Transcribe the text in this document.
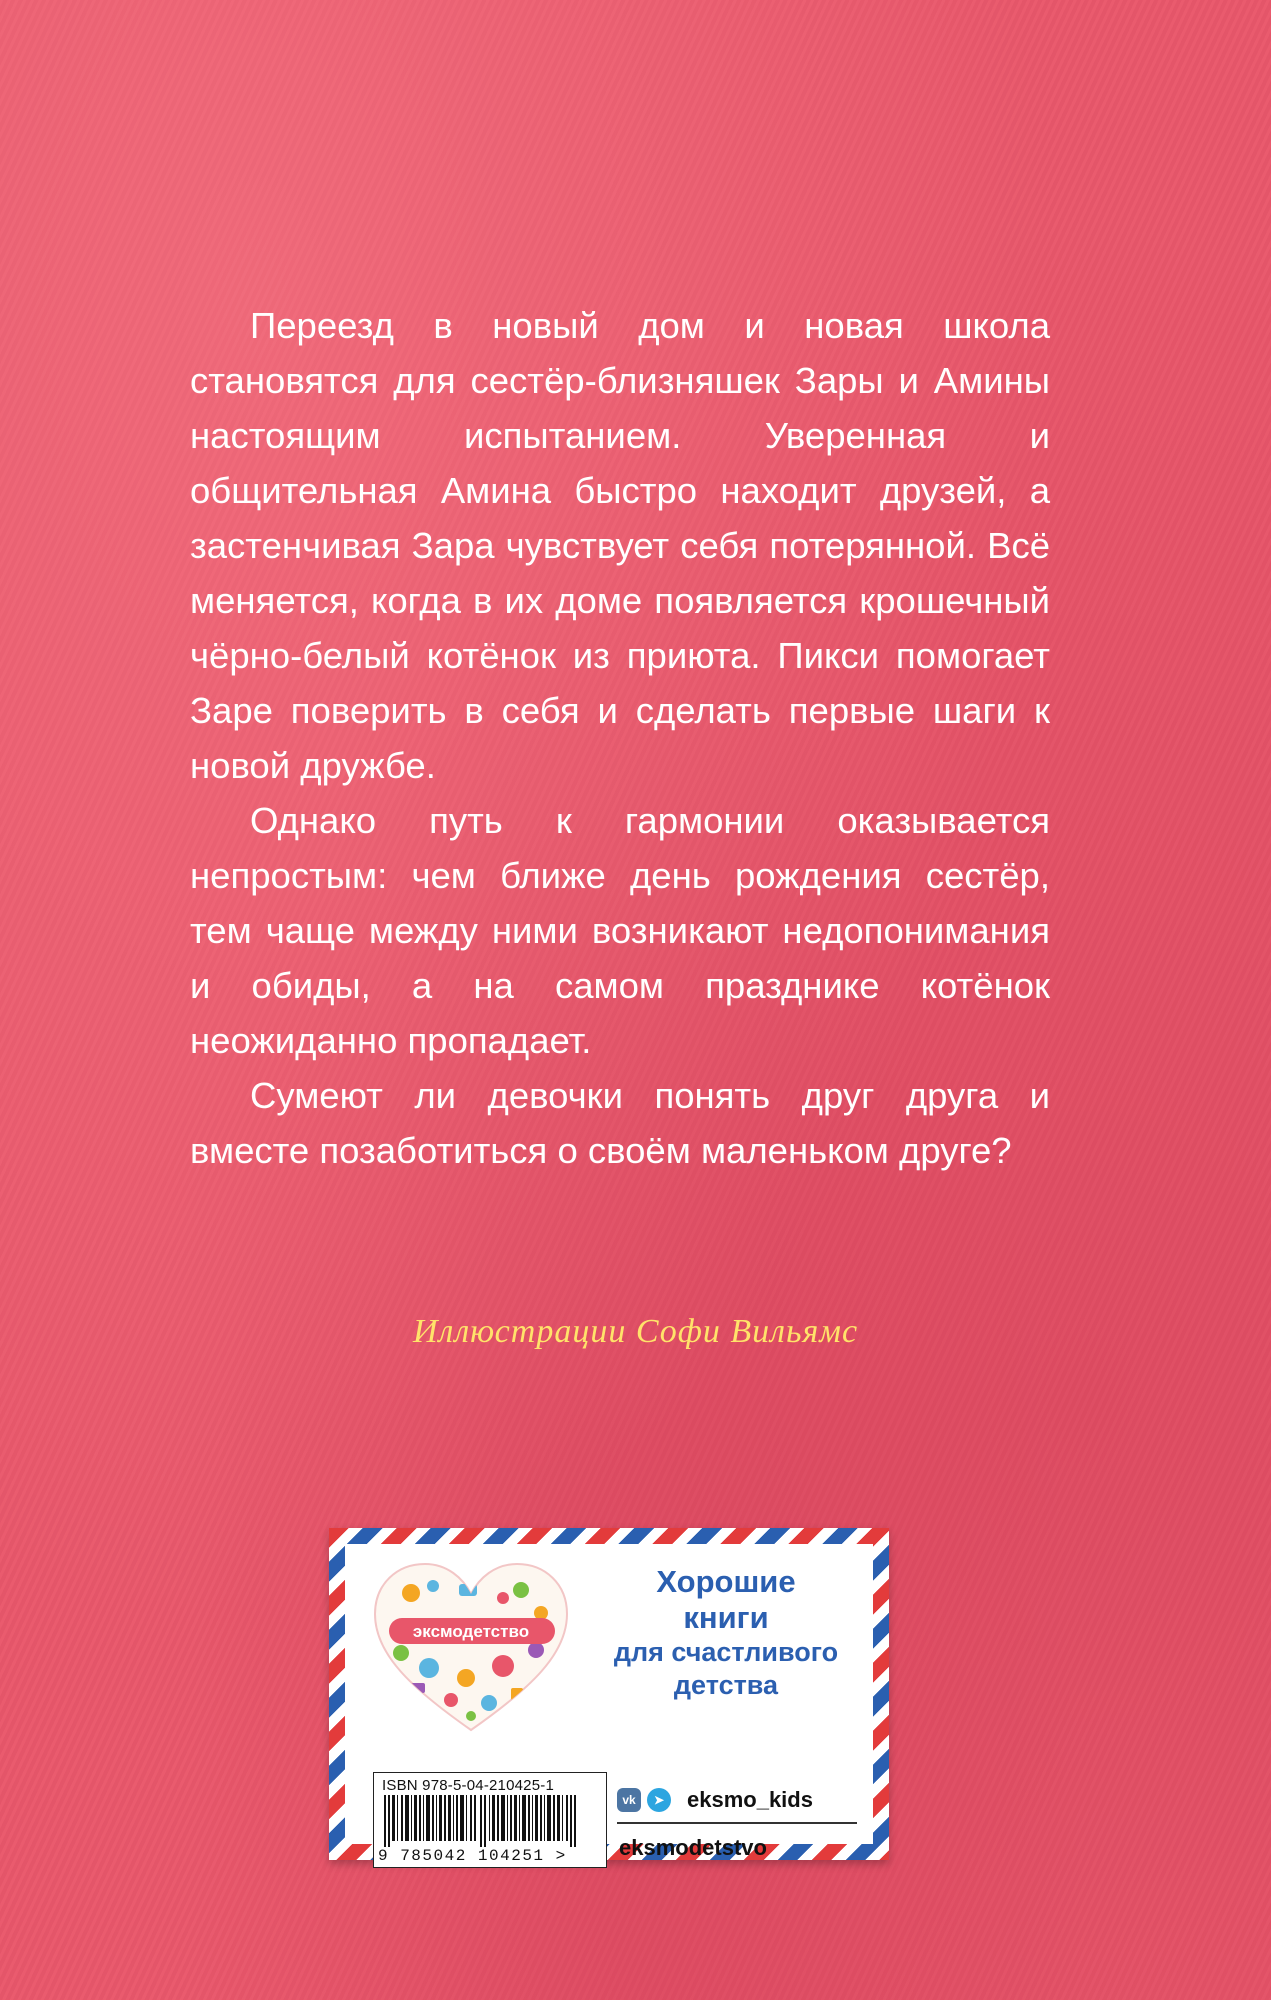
Переезд в новый дом и новая школа становятся для сестёр-близняшек Зары и Амины настоящим испытанием. Уверенная и общительная Амина быстро находит друзей, а застенчивая Зара чувствует себя потерянной. Всё меняется, когда в их доме появляется крошечный чёрно-белый котёнок из приюта. Пикси помогает Заре поверить в себя и сделать первые шаги к новой дружбе.

Однако путь к гармонии оказывается непростым: чем ближе день рождения сестёр, тем чаще между ними возникают недопонимания и обиды, а на самом празднике котёнок неожиданно пропадает.

Сумеют ли девочки понять друг друга и вместе позаботиться о своём маленьком друге?

Иллюстрации Софи Вильямс
эксмодетство
Хорошие
книги
для счастливого
детства
ISBN 978-5-04-210425-1
9 785042 104251 >
vk	➤	eksmo_kids
eksmodetstvo
